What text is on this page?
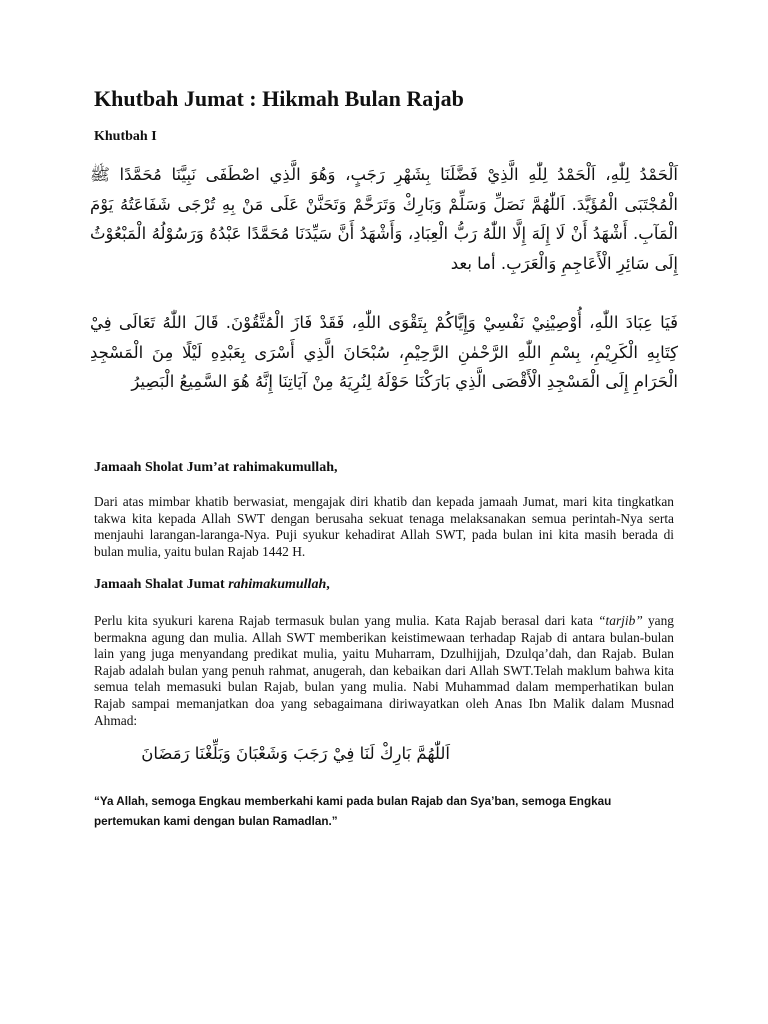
Khutbah Jumat : Hikmah Bulan Rajab
Khutbah I
اَلْحَمْدُ لِلّٰهِ، اَلْحَمْدُ لِلّٰهِ الَّذِيْ فَضَّلَنَا بِشَهْرِ رَجَبٍ، وَهُوَ الَّذِي اصْطَفَى نَبِيَّنَا مُحَمَّدًا ﷺ الْمُجْتَبَى الْمُؤَيَّدَ. اَللّٰهُمَّ نَصَلِّ وَسَلِّمْ وَبَارِكْ وَتَرَحَّمْ وَتَحَنَّنْ عَلَى مَنْ بِهِ تُرْجَى شَفَاعَتُهُ يَوْمَ الْمَآبِ. أَشْهَدُ أَنْ لَا إِلَهَ إِلَّا اللّٰهُ رَبُّ الْعِبَادِ، وَأَشْهَدُ أَنَّ سَيِّدَنَا مُحَمَّدًا عَبْدُهُ وَرَسُوْلُهُ الْمَبْعُوْثُ إِلَى سَائِرِ الْأَعَاجِمِ وَالْعَرَبِ. أما بعد
فَيَا عِبَادَ اللّٰهِ، أُوْصِيْنِيْ نَفْسِيْ وَإِيَّاكُمْ بِتَقْوَى اللّٰهِ، فَقَدْ فَازَ الْمُتَّقُوْنَ. قَالَ اللّٰهُ تَعَالَى فِيْ كِتَابِهِ الْكَرِيْمِ، بِسْمِ اللّٰهِ الرَّحْمٰنِ الرَّحِيْمِ، سُبْحَانَ الَّذِي أَسْرَى بِعَبْدِهِ لَيْلًا مِنَ الْمَسْجِدِ الْحَرَامِ إِلَى الْمَسْجِدِ الْأَقْصَى الَّذِي بَارَكْنَا حَوْلَهُ لِنُرِيَهُ مِنْ آيَاتِنَا إِنَّهُ هُوَ السَّمِيعُ الْبَصِيرُ
Jamaah Sholat Jum’at rahimakumullah,
Dari atas mimbar khatib berwasiat, mengajak diri khatib dan kepada jamaah Jumat, mari kita tingkatkan takwa kita kepada Allah SWT dengan berusaha sekuat tenaga melaksanakan semua perintah-Nya serta menjauhi larangan-laranga-Nya. Puji syukur kehadirat Allah SWT, pada bulan ini kita masih berada di bulan mulia, yaitu bulan Rajab 1442 H.
Jamaah Shalat Jumat rahimakumullah,
Perlu kita syukuri karena Rajab termasuk bulan yang mulia. Kata Rajab berasal dari kata “tarjib” yang bermakna agung dan mulia. Allah SWT memberikan keistimewaan terhadap Rajab di antara bulan-bulan lain yang juga menyandang predikat mulia, yaitu Muharram, Dzulhijjah, Dzulqa’dah, dan Rajab. Bulan Rajab adalah bulan yang penuh rahmat, anugerah, dan kebaikan dari Allah SWT.Telah maklum bahwa kita semua telah memasuki bulan Rajab, bulan yang mulia. Nabi Muhammad dalam memperhatikan bulan Rajab sampai memanjatkan doa yang sebagaimana diriwayatkan oleh Anas Ibn Malik dalam Musnad Ahmad:
اَللّٰهُمَّ بَارِكْ لَنَا فِيْ رَجَبَ وَشَعْبَانَ وَبَلِّغْنَا رَمَضَانَ
“Ya Allah, semoga Engkau memberkahi kami pada bulan Rajab dan Sya’ban, semoga Engkau pertemukan kami dengan bulan Ramadlan.”
